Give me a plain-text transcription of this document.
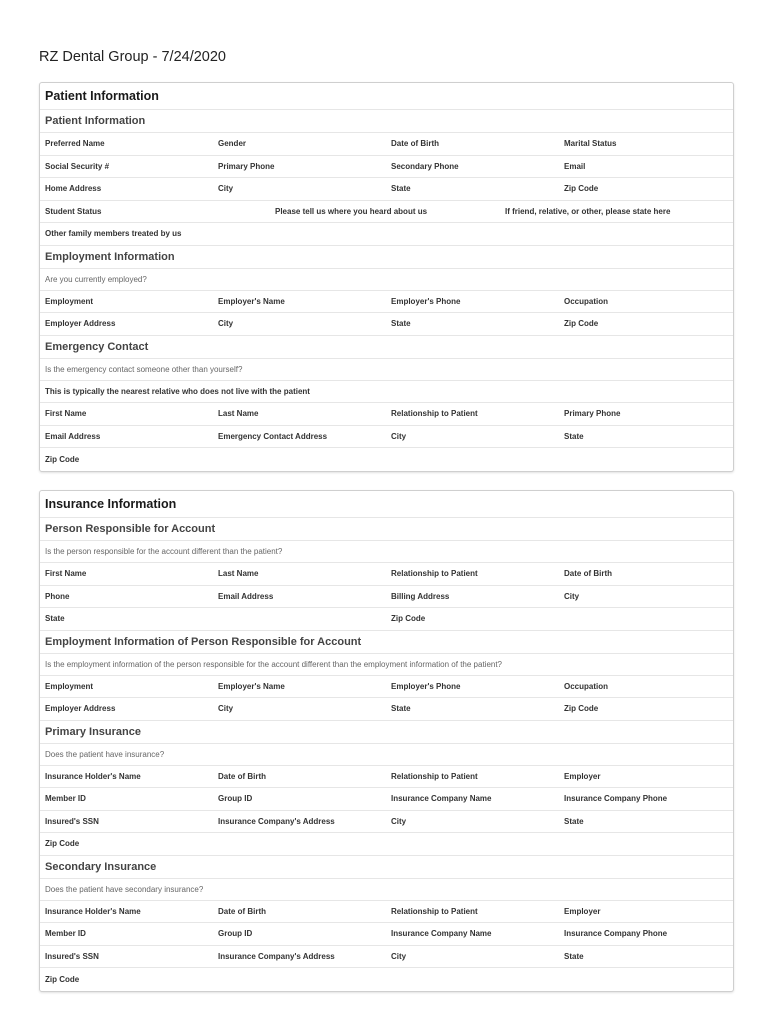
RZ Dental Group - 7/24/2020
Patient Information
Patient Information
Preferred Name	Gender	Date of Birth	Marital Status
Social Security #	Primary Phone	Secondary Phone	Email
Home Address	City	State	Zip Code
Student Status	Please tell us where you heard about us	If friend, relative, or other, please state here
Other family members treated by us
Employment Information
Are you currently employed?
Employment	Employer's Name	Employer's Phone	Occupation
Employer Address	City	State	Zip Code
Emergency Contact
Is the emergency contact someone other than yourself?
This is typically the nearest relative who does not live with the patient
First Name	Last Name	Relationship to Patient	Primary Phone
Email Address	Emergency Contact Address	City	State
Zip Code
Insurance Information
Person Responsible for Account
Is the person responsible for the account different than the patient?
First Name	Last Name	Relationship to Patient	Date of Birth
Phone	Email Address	Billing Address	City
State	Zip Code
Employment Information of Person Responsible for Account
Is the employment information of the person responsible for the account different than the employment information of the patient?
Employment	Employer's Name	Employer's Phone	Occupation
Employer Address	City	State	Zip Code
Primary Insurance
Does the patient have insurance?
Insurance Holder's Name	Date of Birth	Relationship to Patient	Employer
Member ID	Group ID	Insurance Company Name	Insurance Company Phone
Insured's SSN	Insurance Company's Address	City	State
Zip Code
Secondary Insurance
Does the patient have secondary insurance?
Insurance Holder's Name	Date of Birth	Relationship to Patient	Employer
Member ID	Group ID	Insurance Company Name	Insurance Company Phone
Insured's SSN	Insurance Company's Address	City	State
Zip Code
